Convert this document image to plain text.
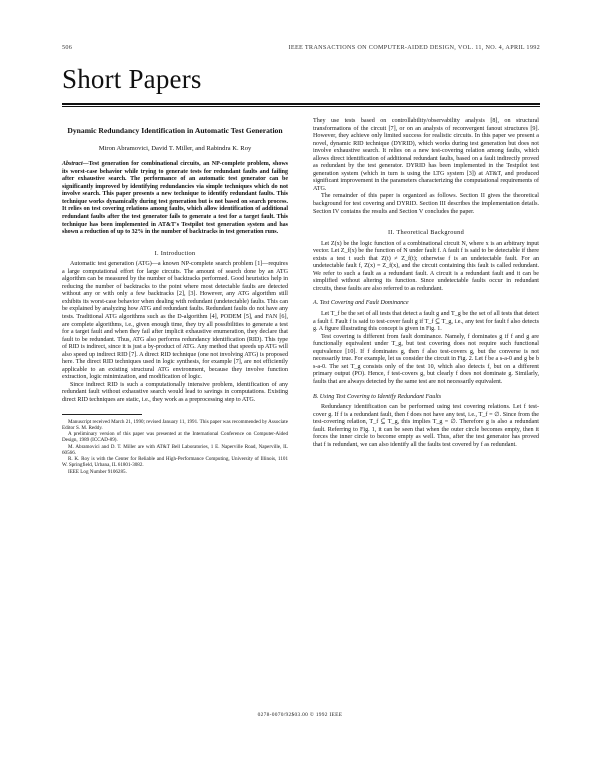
506	IEEE TRANSACTIONS ON COMPUTER-AIDED DESIGN, VOL. 11, NO. 4, APRIL 1992
Short Papers
Dynamic Redundancy Identification in Automatic Test Generation
Miron Abramovici, David T. Miller, and Rabindra K. Roy
Abstract—Test generation for combinational circuits, an NP-complete problem, shows its worst-case behavior while trying to generate tests for redundant faults and failing after exhaustive search. The performance of an automatic test generator can be significantly improved by identifying redundancies via simple techniques which do not involve search. This paper presents a new technique to identify redundant faults. This technique works dynamically during test generation but is not based on search process. It relies on test covering relations among faults, which allow identification of additional redundant faults after the test generator fails to generate a test for a target fault. This technique has been implemented in AT&T's Testpilot test generation system and has shown a reduction of up to 32% in the number of backtracks in test generation runs.
I. Introduction

Automatic test generation (ATG)—a known NP-complete search problem [1]—requires a large computational effort for large circuits. The amount of search done by an ATG algorithm can be measured by the number of backtracks performed. Good heuristics help in reducing the number of backtracks to the point where most detectable faults are detected without any or with only a few backtracks [2], [3]. However, any ATG algorithm still exhibits its worst-case behavior when dealing with redundant (undetectable) faults. This can be explained by analyzing how ATG and redundant faults. Redundant faults do not have any tests. Traditional ATG algorithms such as the D-algorithm [4], PODEM [5], and FAN [6], are complete algorithms, i.e., given enough time, they try all possibilities to generate a test for a target fault and when they fail after implicit exhaustive enumeration, they declare that fault to be redundant. Thus, ATG also performs redundancy identification (RID). This type of RID is indirect, since it is just a by-product of ATG. Any method that speeds up ATG will also speed up indirect RID [7]. A direct RID technique (one not involving ATG) is proposed here. The direct RID techniques used in logic synthesis, for example [7], are not efficiently applicable to an existing structural ATG environment, because they involve function extraction, logic minimization, and modification of logic.

Since indirect RID is such a computationally intensive problem, identification of any redundant fault without exhaustive search would lead to savings in computations. Existing direct RID techniques are static, i.e., they work as a preprocessing step to ATG.

Manuscript received March 21, 1990; revised January 11, 1991. This paper was recommended by Associate Editor S. M. Reddy.

A preliminary version of this paper was presented at the International Conference on Computer-Aided Design, 1989 (ICCAD-89).

M. Abramovici and D. T. Miller are with AT&T Bell Laboratories, 1 E. Naperville Road, Naperville, IL 60566.

R. K. Roy is with the Center for Reliable and High-Performance Computing, University of Illinois, 1101 W. Springfield, Urbana, IL 61801-3082.

IEEE Log Number 9106285.

They use tests based on controllability/observability analysis [8], on structural transformations of the circuit [7], or on an analysis of reconvergent fanout structures [9]. However, they achieve only limited success for realistic circuits. In this paper we present a novel, dynamic RID technique (DYRID), which works during test generation but does not involve exhaustive search. It relies on a new test-covering relation among faults, which allows direct identification of additional redundant faults, based on a fault indirectly proved as redundant by the test generator. DYRID has been implemented in the Testpilot test generation system (which in turn is using the LTG system [3]) at AT&T, and produced significant improvement in the parameters characterizing the computational requirements of ATG.

The remainder of this paper is organized as follows. Section II gives the theoretical background for test covering and DYRID. Section III describes the implementation details. Section IV contains the results and Section V concludes the paper.

II. Theoretical Background

Let Z(x) be the logic function of a combinational circuit N, where x is an arbitrary input vector. Let Z_f(x) be the function of N under fault f. A fault f is said to be detectable if there exists a test t such that Z(t) ≠ Z_f(t); otherwise f is an undetectable fault. For an undetectable fault f, Z(x) = Z_f(x), and the circuit containing this fault is called redundant. We refer to such a fault as a redundant fault. A circuit is a redundant fault and it can be simplified without altering its function. Since undetectable faults occur in redundant circuits, these faults are also referred to as redundant.

A. Test Covering and Fault Dominance

Let T_f be the set of all tests that detect a fault g and T_g be the set of all tests that detect a fault f. Fault f is said to test-cover fault g if T_f ⊆ T_g, i.e., any test for fault f also detects g. A figure illustrating this concept is given in Fig. 1.

Test covering is different from fault dominance. Namely, f dominates g if f and g are functionally equivalent under T_g, but test covering does not require such functional equivalence [10]. If f dominates g, then f also test-covers g, but the converse is not necessarily true. For example, let us consider the circuit in Fig. 2. Let f be a s-a-0 and g be b s-a-0. The set T_g consists only of the test 10, which also detects f, but on a different primary output (PO). Hence, f test-covers g, but clearly f does not dominate g. Similarly, faults that are always detected by the same test are not necessarily equivalent.

B. Using Test Covering to Identify Redundant Faults

Redundancy identification can be performed using test covering relations. Let f test-cover g. If f is a redundant fault, then f does not have any test, i.e., T_f = ∅. Since from the test-covering relation, T_f ⊆ T_g, this implies T_g = ∅. Therefore g is also a redundant fault. Referring to Fig. 1, it can be seen that when the outer circle becomes empty, then it forces the inner circle to become empty as well. Thus, after the test generator has proved that f is redundant, we can also identify all the faults test covered by f as redundant.

0278-0070/92$03.00 © 1992 IEEE
